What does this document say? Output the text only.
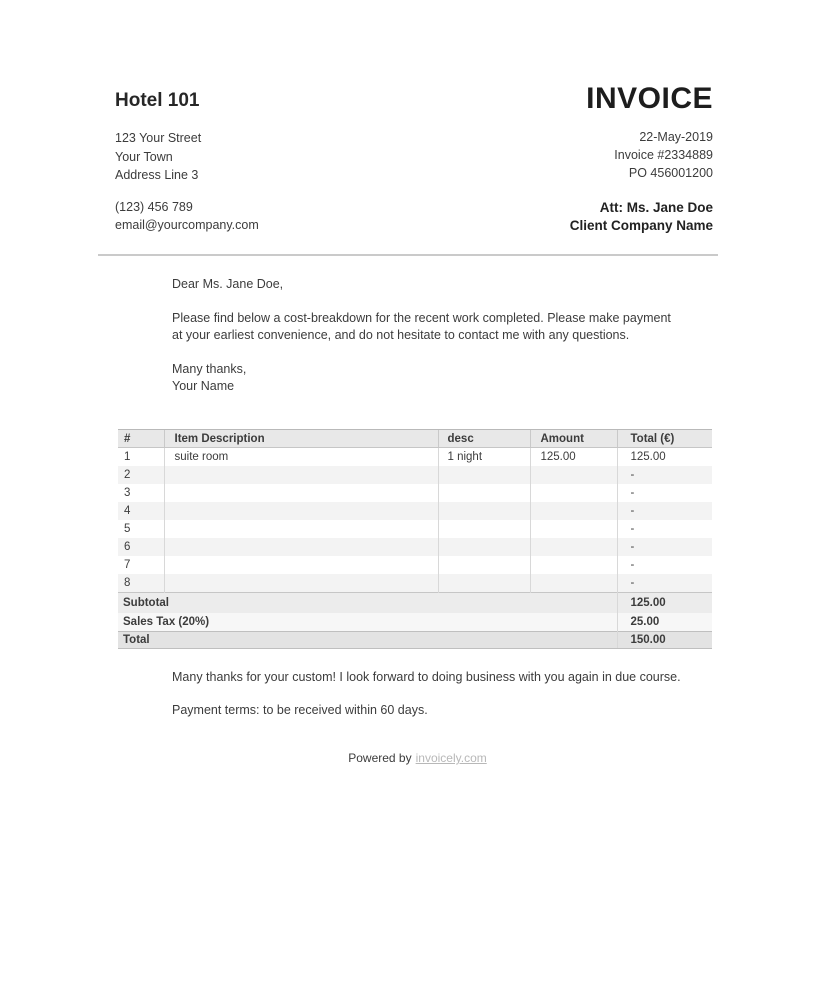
Hotel 101
123 Your Street
Your Town
Address Line 3
(123) 456 789
email@yourcompany.com
INVOICE
22-May-2019
Invoice #2334889
PO 456001200
Att: Ms. Jane Doe
Client Company Name
Dear Ms. Jane Doe,
Please find below a cost-breakdown for the recent work completed. Please make payment
at your earliest convenience, and do not hesitate to contact me with any questions.
Many thanks,
Your Name
#	Item Description	desc	Amount	Total (€)
1	suite room	1 night	125.00	125.00
2				-
3				-
4				-
5				-
6				-
7				-
8				-
Subtotal				125.00
Sales Tax (20%)				25.00
Total				150.00
Many thanks for your custom! I look forward to doing business with you again in due course.
Payment terms: to be received within 60 days.
Powered by invoicely.com
